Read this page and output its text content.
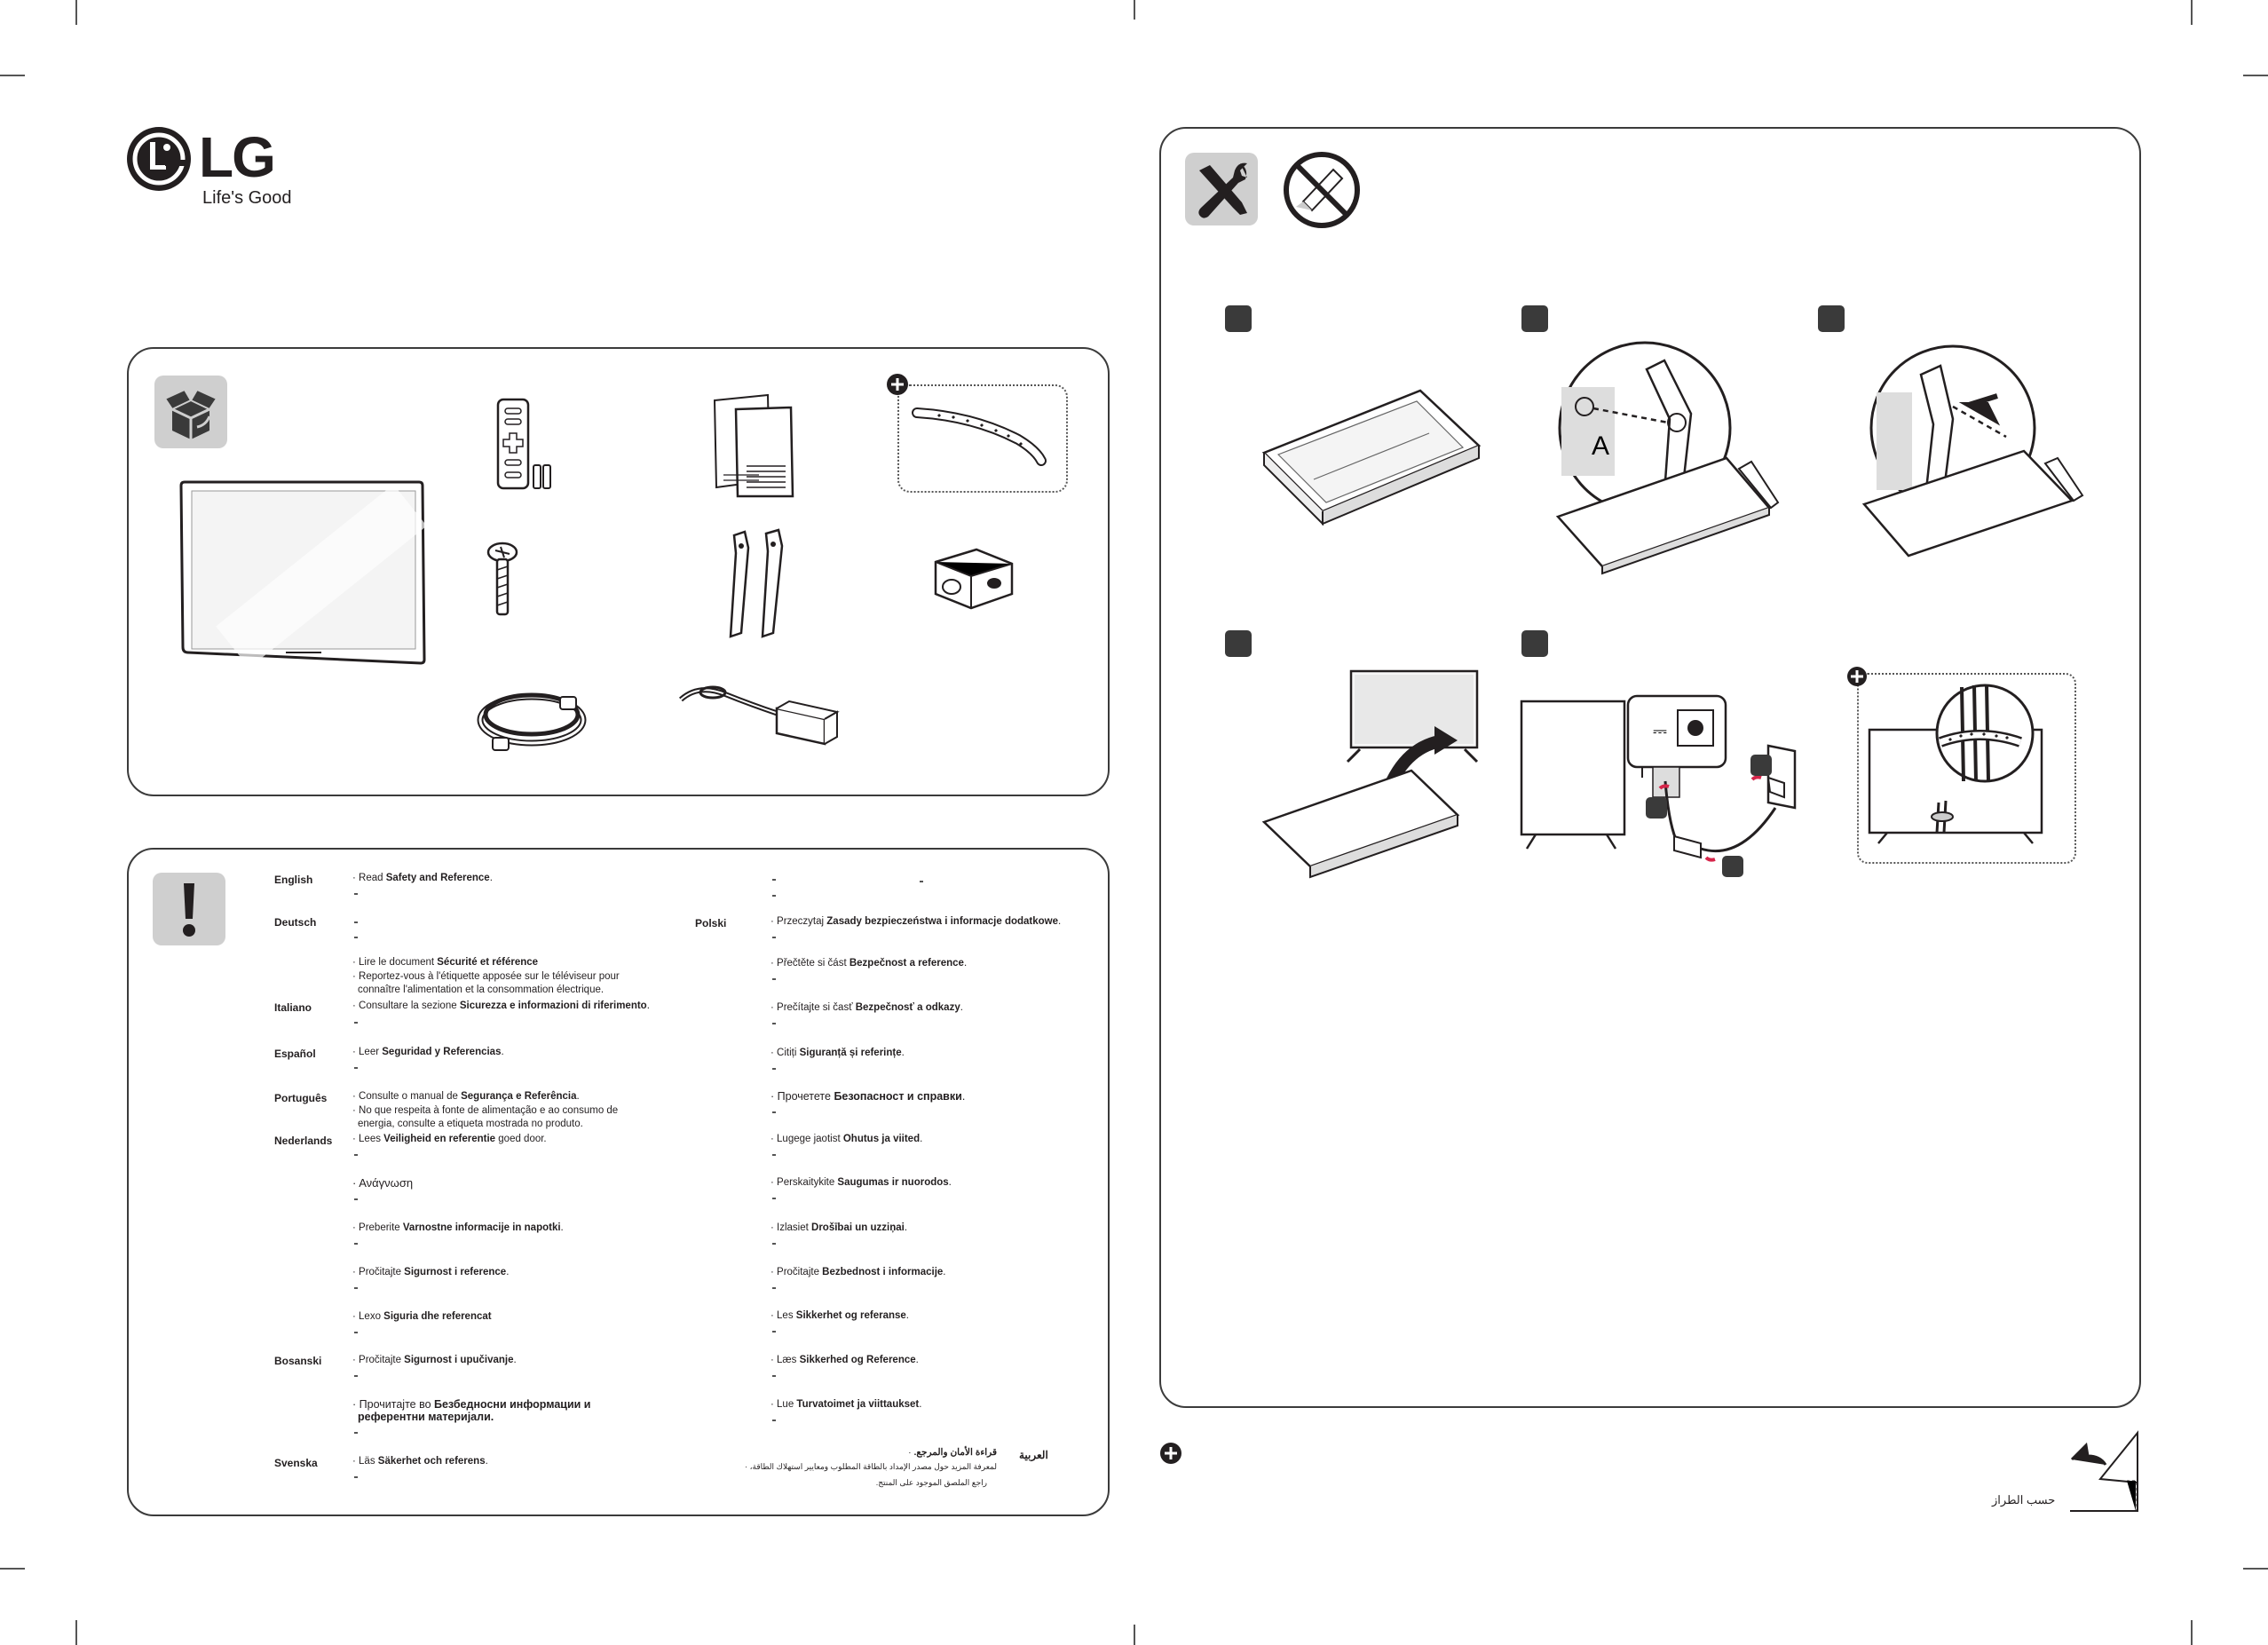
LG
Life's Good
English
Deutsch
Italiano
Español
Português
Nederlands
Bosanski
Svenska
Polski
العربية
· Read Safety and Reference.
· Lire le document Sécurité et référence
· Reportez-vous à l'étiquette apposée sur le téléviseur pour
connaître l'alimentation et la consommation électrique.
· Consultare la sezione Sicurezza e informazioni di riferimento.
· Leer Seguridad y Referencias.
· Consulte o manual de Segurança e Referência.
· No que respeita à fonte de alimentação e ao consumo de
energia, consulte a etiqueta mostrada no produto.
· Lees Veiligheid en referentie goed door.
· Ανάγνωση
· Preberite Varnostne informacije in napotki.
· Pročitajte Sigurnost i reference.
· Lexo Siguria dhe referencat
· Pročitajte Sigurnost i upučivanje.
· Прочитајте во Безбедносни информации и
референтни материјали.
· Läs Säkerhet och referens.
· Przeczytaj Zasady bezpieczeństwa i informacje dodatkowe.
· Přečtěte si část Bezpečnost a reference.
· Prečítajte si časť Bezpečnosť a odkazy.
· Citiți Siguranță și referințe.
· Прочетете Безопасност и справки.
· Lugege jaotist Ohutus ja viited.
· Perskaitykite Saugumas ir nuorodos.
· Izlasiet Drošībai un uzziņai.
· Pročitajte Bezbednost i informacije.
· Les Sikkerhet og referanse.
· Læs Sikkerhed og Reference.
· Lue Turvatoimet ja viittaukset.
قراءة الأمان والمرجع. ·
لمعرفة المزيد حول مصدر الإمداد بالطاقة المطلوب ومعايير استهلاك الطاقة، ·
راجع الملصق الموجود على المنتج.
A
⎓
حسب الطراز
